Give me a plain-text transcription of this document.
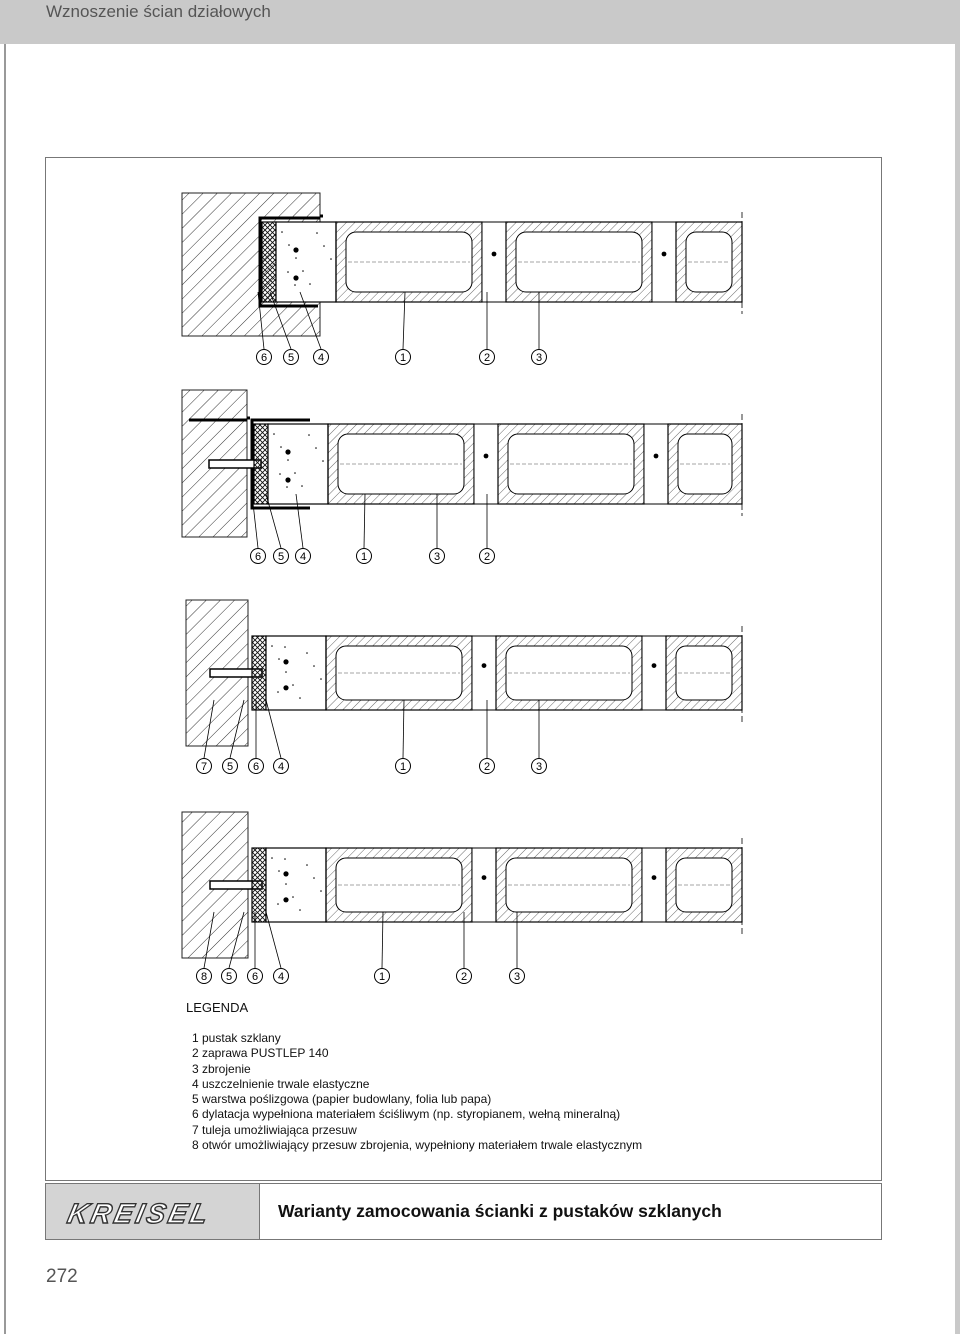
Wznoszenie ścian działowych
6 5 4	1	2	3
6 5 4	1	3	2
7 5 6 4	1	2	3
8 5 6 4	1	2	3
LEGENDA
1 pustak szklany
2 zaprawa PUSTLEP 140
3 zbrojenie
4 uszczelnienie trwale elastyczne
5 warstwa poślizgowa (papier budowlany, folia lub papa)
6 dylatacja wypełniona materiałem ściśliwym (np. styropianem, wełną mineralną)
7 tuleja umożliwiająca przesuw
8 otwór umożliwiający przesuw zbrojenia, wypełniony materiałem trwale elastycznym
KREISEL	Warianty zamocowania ścianki z pustaków szklanych
272
